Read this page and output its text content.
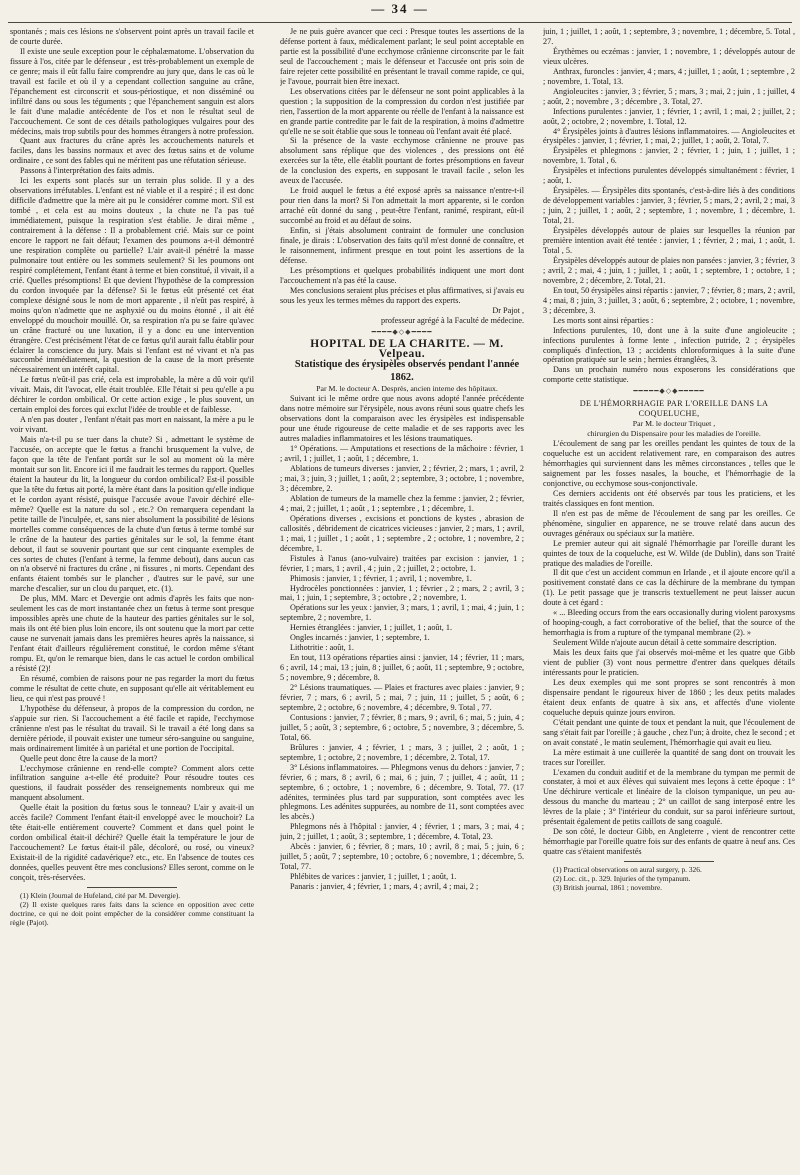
— 34 —

spontanés ; mais ces lésions ne s'observent point après un travail facile et de courte durée.

Il existe une seule exception pour le céphalæmatome. L'observation du fissure à l'os, citée par le défenseur , est très-probablement un exemple de ce genre; mais il eût fallu faire comprendre au jury que, dans le cas où le travail est facile et où il y a cependant collection sanguine au crâne, l'épanchement est circonscrit et sous-périostique, et non disséminé ou infiltré dans ou sous les téguments ; que l'épanchement sanguin est alors le fait d'une maladie antécédente de l'os et non le résultat seul de l'accouchement. Ce sont de ces détails pathologiques vulgaires pour des médecins, mais trop subtils pour des hommes étrangers à notre profession.

Quant aux fractures du crâne après les accouchements naturels et faciles, dans les bassins normaux et avec des fœtus sains et de volume ordinaire , ce sont des fables qui ne méritent pas une réfutation sérieuse.

Passons à l'interprétation des faits admis.

Ici les experts sont placés sur un terrain plus solide. Il y a des observations irréfutables. L'enfant est né viable et il a respiré ; il est donc difficile d'admettre que la mère ait pu le considérer comme mort. S'il est tombé , et cela est au moins douteux , la chute ne l'a pas tué immédiatement, puisque la respiration s'est établie. Je dirai même , contrairement à la défense : Il a probablement crié. Mais sur ce point encore le rapport ne fait défaut; l'examen des poumons a-t-il démontré une respiration complète ou partielle? L'air avait-il pénétré la masse pulmonaire tout entière ou les sommets seulement? Si les poumons ont respiré complétement, l'enfant étant à terme et bien constitué, il vivait, il a crié. Quelles présomptions! Et que devient l'hypothèse de la compression du cordon invoquée par la défense? Si le fœtus eût présenté cet état complexe désigné sous le nom de mort apparente , il n'eût pas respiré, à moins qu'on n'admette que ne asphyxié ou du moins étonné , il ait été enveloppé du mouchoir mouillé. Or, sa respiration n'a pu se faire qu'avec un crâne fracturé ou une luxation, il y a donc eu une intervention étrangère. C'est précisément l'état de ce fœtus qu'il aurait fallu établir pour éclairer la conscience du jury. Mais si l'enfant est né vivant et n'a pas succombé immédiatement, la question de la cause de la mort présente nécessairement un intérêt capital.

Le fœtus n'eût-il pas crié, cela est improbable, la mère a dû voir qu'il vivait. Mais, dit l'avocat, elle était troublée. Elle l'était si peu qu'elle a pu déchirer le cordon ombilical. Or cette action exige , le plus souvent, un certain emploi des forces qui exclut l'idée de trouble et de faiblesse.

A n'en pas douter , l'enfant n'était pas mort en naissant, la mère a pu le voir vivant.

Mais n'a-t-il pu se tuer dans la chute? Si , admettant le système de l'accusée, on accepte que le fœtus a franchi brusquement la vulve, de façon que la tête de l'enfant portât sur le sol au moment où la mère montait sur son lit. Encore ici il me faudrait les termes du rapport. Quelles étaient la hauteur du lit, la longueur du cordon ombilical? Est-il possible que la tête du fœtus ait porté, la mère étant dans la position qu'elle indique et le cordon ayant résisté, puisque l'accusée avoue l'avoir déchiré elle-même? Quelle est la nature du sol , etc.? On remarquera cependant la petite taille de l'inculpée, et, sans nier absolument la possibilité de lésions mortelles comme conséquences de la chute d'un fœtus à terme tombé sur le crâne de la hauteur des parties génitales sur le sol, la femme étant debout, il faut se souvenir pourtant que sur cent cinquante exemples de ces sortes de chutes (l'enfant à terme, la femme debout), dans aucun cas on n'a observé ni fractures du crâne , ni fissures , ni morts. Cependant des enfants étaient tombés sur le plancher , d'autres sur le pavé, sur une marche d'escalier, sur un clou du parquet, etc. (1).

De plus, MM. Marc et Devergie ont admis d'après les faits que non-seulement les cas de mort instantanée chez un fœtus à terme sont presque impossibles après une chute de la hauteur des parties génitales sur le sol, mais ils ont été bien plus loin encore, ils ont soutenu que la mort par cette cause ne survenait jamais dans les premières heures après la naissance, si l'enfant était d'ailleurs régulièrement constitué, le cordon même s'étant rompu. Et, qu'on le remarque bien, dans le cas actuel le cordon ombilical a résisté (2)!

En résumé, combien de raisons pour ne pas regarder la mort du fœtus comme le résultat de cette chute, en supposant qu'elle ait véritablement eu lieu, ce qui n'est pas prouvé !

L'hypothèse du défenseur, à propos de la compression du cordon, ne s'appuie sur rien. Si l'accouchement a été facile et rapide, l'ecchymose crânienne n'est pas le résultat du travail. Si le travail a été long dans sa dernière période, il pouvait exister une tumeur séro-sanguine ou sanguine, mais ordinairement limitée à un pariétal et une portion de l'occipital.

Quelle peut donc être la cause de la mort?

L'ecchymose crânienne en rend-elle compte? Comment alors cette infiltration sanguine a-t-elle été produite? Pour résoudre toutes ces questions, il faudrait posséder des renseignements nombreux qui me manquent absolument.

Quelle était la position du fœtus sous le tonneau? L'air y avait-il un accès facile? Comment l'enfant était-il enveloppé avec le mouchoir? La tête était-elle entièrement couverte? Comment et dans quel point le cordon ombilical était-il déchiré? Quelle était la température le jour de l'accouchement? Le fœtus était-il pâle, décoloré, ou rosé, ou vineux? Existait-il de la rigidité cadavérique? etc., etc. En l'absence de toutes ces données, quelles peuvent être mes conclusions? Elles seront, comme on le conçoit, très-réservées.

(1) Klein (Journal de Hufeland, cité par M. Devergie).

(2) Il existe quelques rares faits dans la science en opposition avec cette doctrine, ce qui ne doit point empêcher de la considérer comme constituant la règle (Pajot).

Je ne puis guère avancer que ceci : Presque toutes les assertions de la défense portent à faux, médicalement parlant; le seul point acceptable en partie est la possibilité d'une ecchymose crânienne circonscrite par le fait seul de l'accouchement ; mais le défenseur et l'accusée ont pris soin de faire rejeter cette possibilité en présentant le travail comme rapide, ce qui, je l'avoue, pourrait bien être inexact.

Les observations citées par le défenseur ne sont point applicables à la question ; la supposition de la compression du cordon n'est justifiée par rien, l'assertion de la mort apparente ou réelle de l'enfant à la naissance est en grande partie contredite par le fait de la respiration, à moins d'admettre qu'elle ne se soit établie que sous le tonneau où l'enfant avait été placé.

Si la présence de la vaste ecchymose crânienne ne prouve pas absolument sans réplique que des violences , des pressions ont été exercées sur la tête, elle établit pourtant de fortes présomptions en faveur de la conclusion des experts, en supposant le travail facile , selon les aveux de l'accusée.

Le froid auquel le fœtus a été exposé après sa naissance n'entre-t-il pour rien dans la mort? Si l'on admettait la mort apparente, si le cordon arraché eût donné du sang , peut-être l'enfant, ranimé, respirant, eût-il succombé au froid et au défaut de soins.

Enfin, si j'étais absolument contraint de formuler une conclusion finale, je dirais : L'observation des faits qu'il m'est donné de connaître, et le raisonnement, infirment presque en tout point les assertions de la défense.

Les présomptions et quelques probabilités indiquent une mort dont l'accouchement n'a pas été la cause.

Mes conclusions seraient plus précises et plus affirmatives, si j'avais eu sous les yeux les termes mêmes du rapport des experts.

Dr Pajot ,

professeur agrégé à la Faculté de médecine.

━━━━◆◇◆━━━━

HOPITAL DE LA CHARITE. — M. Velpeau.

Statistique des érysipèles observés pendant l'année 1862.

Par M. le docteur A. Desprès, ancien interne des hôpitaux.

Suivant ici le même ordre que nous avons adopté l'année précédente dans notre mémoire sur l'érysipèle, nous avons réuni sous quatre chefs les observations dont la comparaison avec les érysipèles est indispensable pour une étude rigoureuse de cette maladie et de ses rapports avec les autres maladies inflammatoires et les lésions traumatiques.

1° Opérations. — Amputations et resections de la mâchoire : février, 1 ; avril, 1 ; juillet, 1 ; août, 1 ; décembre, 1.

Ablations de tumeurs diverses : janvier, 2 ; février, 2 ; mars, 1 ; avril, 2 ; mai, 3 ; juin, 3 ; juillet, 1 ; août, 2 ; septembre, 3 ; octobre, 1 ; novembre, 3 ; décembre, 2.

Ablation de tumeurs de la mamelle chez la femme : janvier, 2 ; février, 4 ; mai, 2 ; juillet, 1 ; août , 1 ; septembre , 1 ; décembre, 1.

Opérations diverses , excisions et ponctions de kystes , abrasion de callosités , débridement de cicatrices vicieuses : janvier, 2 ; mars, 1 ; avril, 1 ; mai, 1 ; juillet , 1 ; août , 1 ; septembre , 2 ; octobre, 1 ; novembre, 2 ; décembre, 1.

Fistules à l'anus (ano-vulvaire) traitées par excision : janvier, 1 ; février, 1 ; mars, 1 ; avril , 4 ; juin , 2 ; juillet, 2 ; octobre, 1.

Phimosis : janvier, 1 ; février, 1 ; avril, 1 ; novembre, 1.

Hydrocèles ponctionnées : janvier, 1 ; février , 2 ; mars, 2 ; avril, 3 ; mai, 1 ; juin, 1 ; septembre, 3 ; octobre , 2 ; novembre, 1.

Opérations sur les yeux : janvier, 3 ; mars, 1 ; avril, 1 ; mai, 4 ; juin, 1 ; septembre, 2 ; novembre, 1.

Hernies étranglées : janvier, 1 ; juillet, 1 ; août, 1.

Ongles incarnés : janvier, 1 ; septembre, 1.

Lithotritie : août, 1.

En tout, 113 opérations réparties ainsi : janvier, 14 ; février, 11 ; mars, 6 ; avril, 14 ; mai, 13 ; juin, 8 ; juillet, 6 ; août, 11 ; septembre, 9 ; octobre, 5 ; novembre, 9 ; décembre, 8.

2° Lésions traumatiques. — Plaies et fractures avec plaies : janvier, 9 ; février, 7 ; mars, 6 ; avril, 5 ; mai, 7 ; juin, 11 ; juillet, 5 ; août, 6 ; septembre, 2 ; octobre, 6 ; novembre, 4 ; décembre, 9. Total , 77.

Contusions : janvier, 7 ; février, 8 ; mars, 9 ; avril, 6 ; mai, 5 ; juin, 4 ; juillet, 5 ; août, 3 ; septembre, 6 ; octobre, 5 ; novembre, 3 ; décembre, 5. Total, 66.

Brûlures : janvier, 4 ; février, 1 ; mars, 3 ; juillet, 2 ; août, 1 ; septembre, 1 ; octobre, 2 ; novembre, 1 ; décembre, 2. Total, 17.

3° Lésions inflammatoires. — Phlegmons venus du dehors : janvier, 7 ; février, 6 ; mars, 8 ; avril, 6 ; mai, 6 ; juin, 7 ; juillet, 4 ; août, 11 ; septembre, 6 ; octobre, 1 ; novembre, 6 ; décembre, 9. Total, 77. (17 adénites, terminées plus tard par suppuration, sont comptées avec les phlegmons. Les adénites suppurées, au nombre de 11, sont comptées avec les abcès.)

Phlegmons nés à l'hôpital : janvier, 4 ; février, 1 ; mars, 3 ; mai, 4 ; juin, 2 ; juillet, 1 ; août, 3 ; septembre, 1 ; décembre, 4. Total, 23.

Abcès : janvier, 6 ; février, 8 ; mars, 10 ; avril, 8 ; mai, 5 ; juin, 6 ; juillet, 5 ; août, 7 ; septembre, 10 ; octobre, 6 ; novembre, 1 ; décembre, 5. Total, 77.

Phlébites de varices : janvier, 1 ; juillet, 1 ; août, 1.

Panaris : janvier, 4 ; février, 1 ; mars, 4 ; avril, 4 ; mai, 2 ;

juin, 1 ; juillet, 1 ; août, 1 ; septembre, 3 ; novembre, 1 ; décembre, 5. Total , 27.

Érythèmes ou eczémas : janvier, 1 ; novembre, 1 ; développés autour de vieux ulcères.

Anthrax, furoncles : janvier, 4 ; mars, 4 ; juillet, 1 ; août, 1 ; septembre , 2 ; novembre, 1. Total, 13.

Angioleucites : janvier, 3 ; février, 5 ; mars, 3 ; mai, 2 ; juin , 1 ; juillet, 4 ; août, 2 ; novembre , 3 ; décembre , 3. Total, 27.

Infections purulentes : janvier, 1 ; février, 1 ; avril, 1 ; mai, 2 ; juillet, 2 ; août, 2 ; octobre, 2 ; novembre, 1. Total, 12.

4° Érysipèles joints à d'autres lésions inflammatoires. — Angioleucites et érysipèles : janvier, 1 ; février, 1 ; mai, 2 ; juillet, 1 ; août, 2. Total, 7.

Érysipèles et phlegmons : janvier, 2 ; février, 1 ; juin, 1 ; juillet, 1 ; novembre, 1. Total , 6.

Érysipèles et infections purulentes développés simultanément : février, 1 ; août, 1.

Érysipèles. — Érysipèles dits spontanés, c'est-à-dire liés à des conditions de développement variables : janvier, 3 ; février, 5 ; mars, 2 ; avril, 2 ; mai, 3 ; juin, 2 ; juillet, 1 ; août, 2 ; septembre, 1 ; novembre, 1 ; décembre, 1. Total, 21.

Érysipèles développés autour de plaies sur lesquelles la réunion par première intention avait été tentée : janvier, 1 ; février, 2 ; mai, 1 ; août, 1. Total , 5.

Érysipèles développés autour de plaies non pansées : janvier, 3 ; février, 3 ; avril, 2 ; mai, 4 ; juin, 1 ; juillet, 1 ; août, 1 ; septembre, 1 ; octobre, 1 ; novembre, 2 ; décembre, 2. Total, 21.

En tout, 50 érysipèles ainsi répartis : janvier, 7 ; février, 8 ; mars, 2 ; avril, 4 ; mai, 8 ; juin, 3 ; juillet, 3 ; août, 6 ; septembre, 2 ; octobre, 1 ; novembre, 3 ; décembre, 3.

Les morts sont ainsi réparties :

Infections purulentes, 10, dont une à la suite d'une angioleucite ; infections purulentes à forme lente , infection putride, 2 ; érysipèles compliqués d'infection, 13 ; accidents chloroformiques à la suite d'une opération pratiquée sur le sein ; hernies étranglées, 3.

Dans un prochain numéro nous exposerons les considérations que comporte cette statistique.

━━━━━◆◇◆━━━━━

DE L'HÉMORRHAGIE PAR L'OREILLE DANS LA COQUELUCHE,

Par M. le docteur Triquet ,

chirurgien du Dispensaire pour les maladies de l'oreille.

L'écoulement de sang par les oreilles pendant les quintes de toux de la coqueluche est un accident relativement rare, en comparaison des autres hémorrhagies qui surviennent dans les mêmes circonstances , telles que le saignement par les fosses nasales, la bouche, et l'hémorrhagie de la conjonctive, ou ecchymose sous-conjonctivale.

Ces derniers accidents ont été observés par tous les praticiens, et les traités classiques en font mention.

Il n'en est pas de même de l'écoulement de sang par les oreilles. Ce phénomène, singulier en apparence, ne se trouve relaté dans aucun des ouvrages généraux ou spéciaux sur la matière.

Le premier auteur qui ait signalé l'hémorrhagie par l'oreille durant les quintes de toux de la coqueluche, est W. Wilde (de Dublin), dans son Traité pratique des maladies de l'oreille.

Il dit que c'est un accident commun en Irlande , et il ajoute encore qu'il a positivement constaté dans ce cas la déchirure de la membrane du tympan (1). Le petit passage que je transcris textuellement ne peut laisser aucun doute à cet égard :

« ... Bleeding occurs from the ears occasionally during violent paroxysms of hooping-cough, a fact corroborative of the belief, that the source of the hemorrhagia is from a rupture of the tympanal membrane (2). »

Seulement Wilde n'ajoute aucun détail à cette sommaire description.

Mais les deux faits que j'ai observés moi-même et les quatre que Gibb vient de publier (3) vont nous permettre d'entrer dans quelques détails intéressants pour le praticien.

Les deux exemples qui me sont propres se sont rencontrés à mon dispensaire pendant le rigoureux hiver de 1860 ; les deux petits malades étaient deux enfants de quatre à six ans, et affectés d'une violente coqueluche depuis quinze jours environ.

C'était pendant une quinte de toux et pendant la nuit, que l'écoulement de sang s'était fait par l'oreille ; à gauche , chez l'un; à droite, chez le second ; et on avait constaté , le matin seulement, l'hémorrhagie qui avait eu lieu.

La mère estimait à une cuillerée la quantité de sang dont on trouvait les traces sur l'oreiller.

L'examen du conduit auditif et de la membrane du tympan me permit de constater, à moi et aux élèves qui suivaient mes leçons à cette époque : 1° Une déchirure verticale et linéaire de la cloison tympanique, un peu au-dessous du manche du marteau ; 2° un caillot de sang interposé entre les lèvres de la plaie ; 3° l'intérieur du conduit, sur sa paroi inférieure surtout, présentait également de petits caillots de sang coagulé.

De son côté, le docteur Gibb, en Angleterre , vient de rencontrer cette hémorrhagie par l'oreille quatre fois sur des enfants de quatre à neuf ans. Ces quatre cas s'étaient manifestés

(1) Practical observations on aural surgery, p. 326.

(2) Loc. cit., p. 329. Injuries of the tympanum.

(3) British journal, 1861 ; novembre.
